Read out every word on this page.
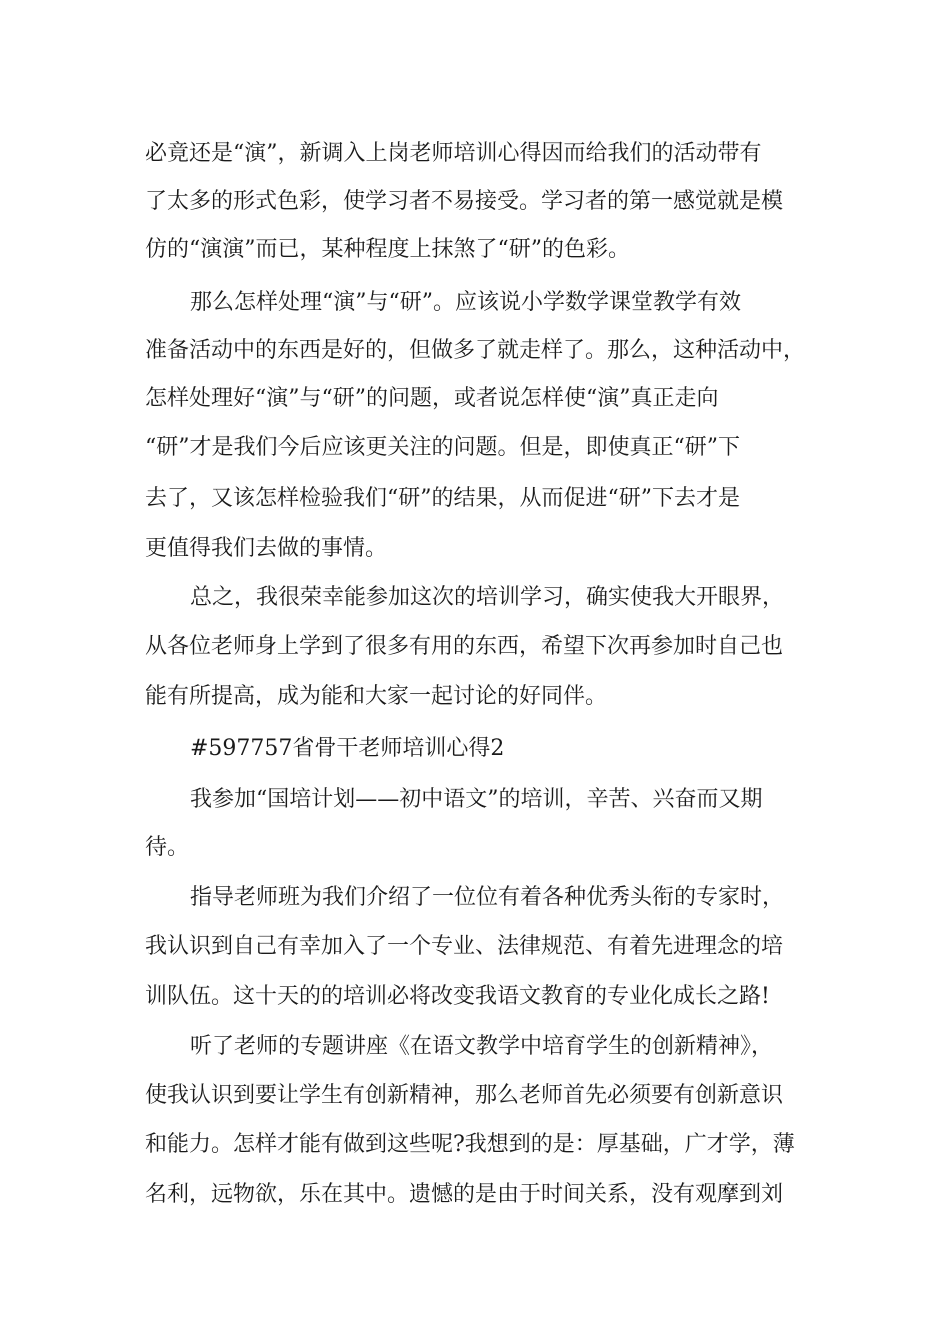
必竟还是“演”，新调入上岗老师培训心得因而给我们的活动带有

了太多的形式色彩，使学习者不易接受。学习者的第一感觉就是模

仿的“演演”而已，某种程度上抹煞了“研”的色彩。

那么怎样处理“演”与“研”。应该说小学数学课堂教学有效

准备活动中的东西是好的，但做多了就走样了。那么，这种活动中，

怎样处理好“演”与“研”的问题，或者说怎样使“演”真正走向

“研”才是我们今后应该更关注的问题。但是，即使真正“研”下

去了，又该怎样检验我们“研”的结果，从而促进“研”下去才是

更值得我们去做的事情。

总之，我很荣幸能参加这次的培训学习，确实使我大开眼界，

从各位老师身上学到了很多有用的东西，希望下次再参加时自己也

能有所提高，成为能和大家一起讨论的好同伴。

#597757省骨干老师培训心得2

我参加“国培计划——初中语文”的培训，辛苦、兴奋而又期

待。

指导老师班为我们介绍了一位位有着各种优秀头衔的专家时，

我认识到自己有幸加入了一个专业、法律规范、有着先进理念的培

训队伍。这十天的的培训必将改变我语文教育的专业化成长之路!

听了老师的专题讲座《在语文教学中培育学生的创新精神》，

使我认识到要让学生有创新精神，那么老师首先必须要有创新意识

和能力。怎样才能有做到这些呢?我想到的是：厚基础，广才学，薄

名利，远物欲，乐在其中。遗憾的是由于时间关系，没有观摩到刘
